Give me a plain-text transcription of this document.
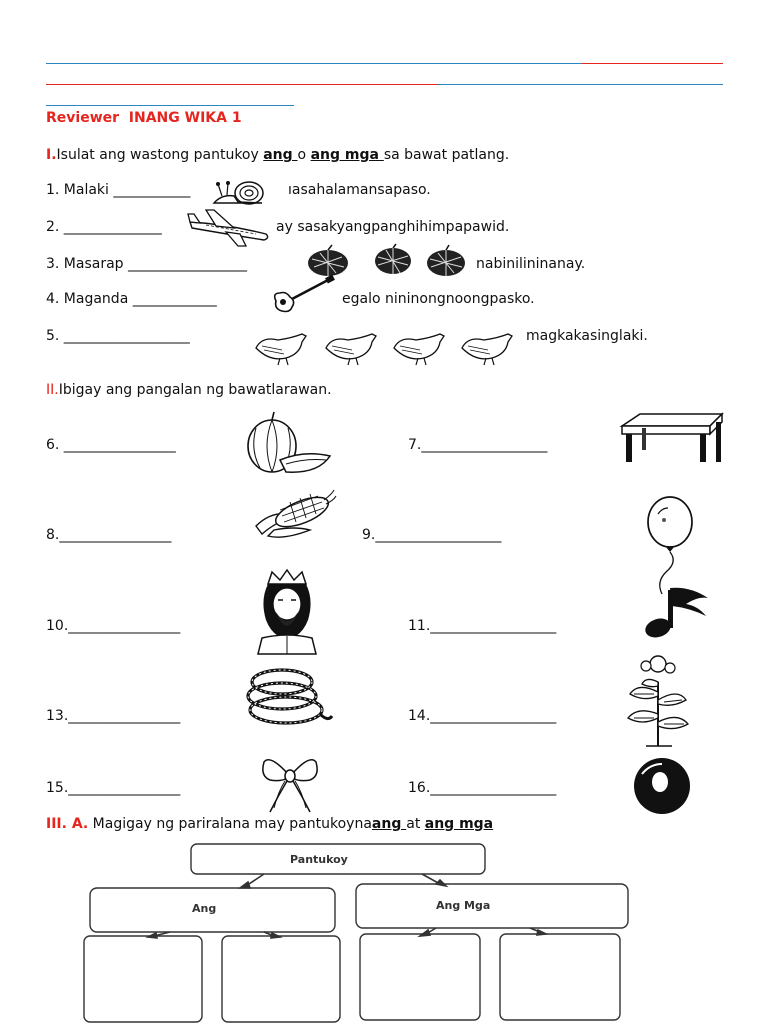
Reviewer INANG WIKA 1
I.Isulat ang wastong pantukoy ang o ang mga sa bawat patlang.
1. Malaki ___________	ıasahalamansapaso.
2. ______________	ay sasakyangpanghihimpapawid.
3. Masarap _________________	nabinilininanay.
4. Maganda ____________	egalo nininongnoongpasko.
5. __________________	magkakasinglaki.
II.Ibigay ang pangalan ng bawatlarawan.
6. ________________	7.__________________
8.________________	9.__________________
10.________________	11.__________________
13.________________	14.__________________
15.________________	16.__________________
III. A. Magigay ng pariralana may pantukoynaang at ang mga
Pantukoy
Ang	Ang Mga
